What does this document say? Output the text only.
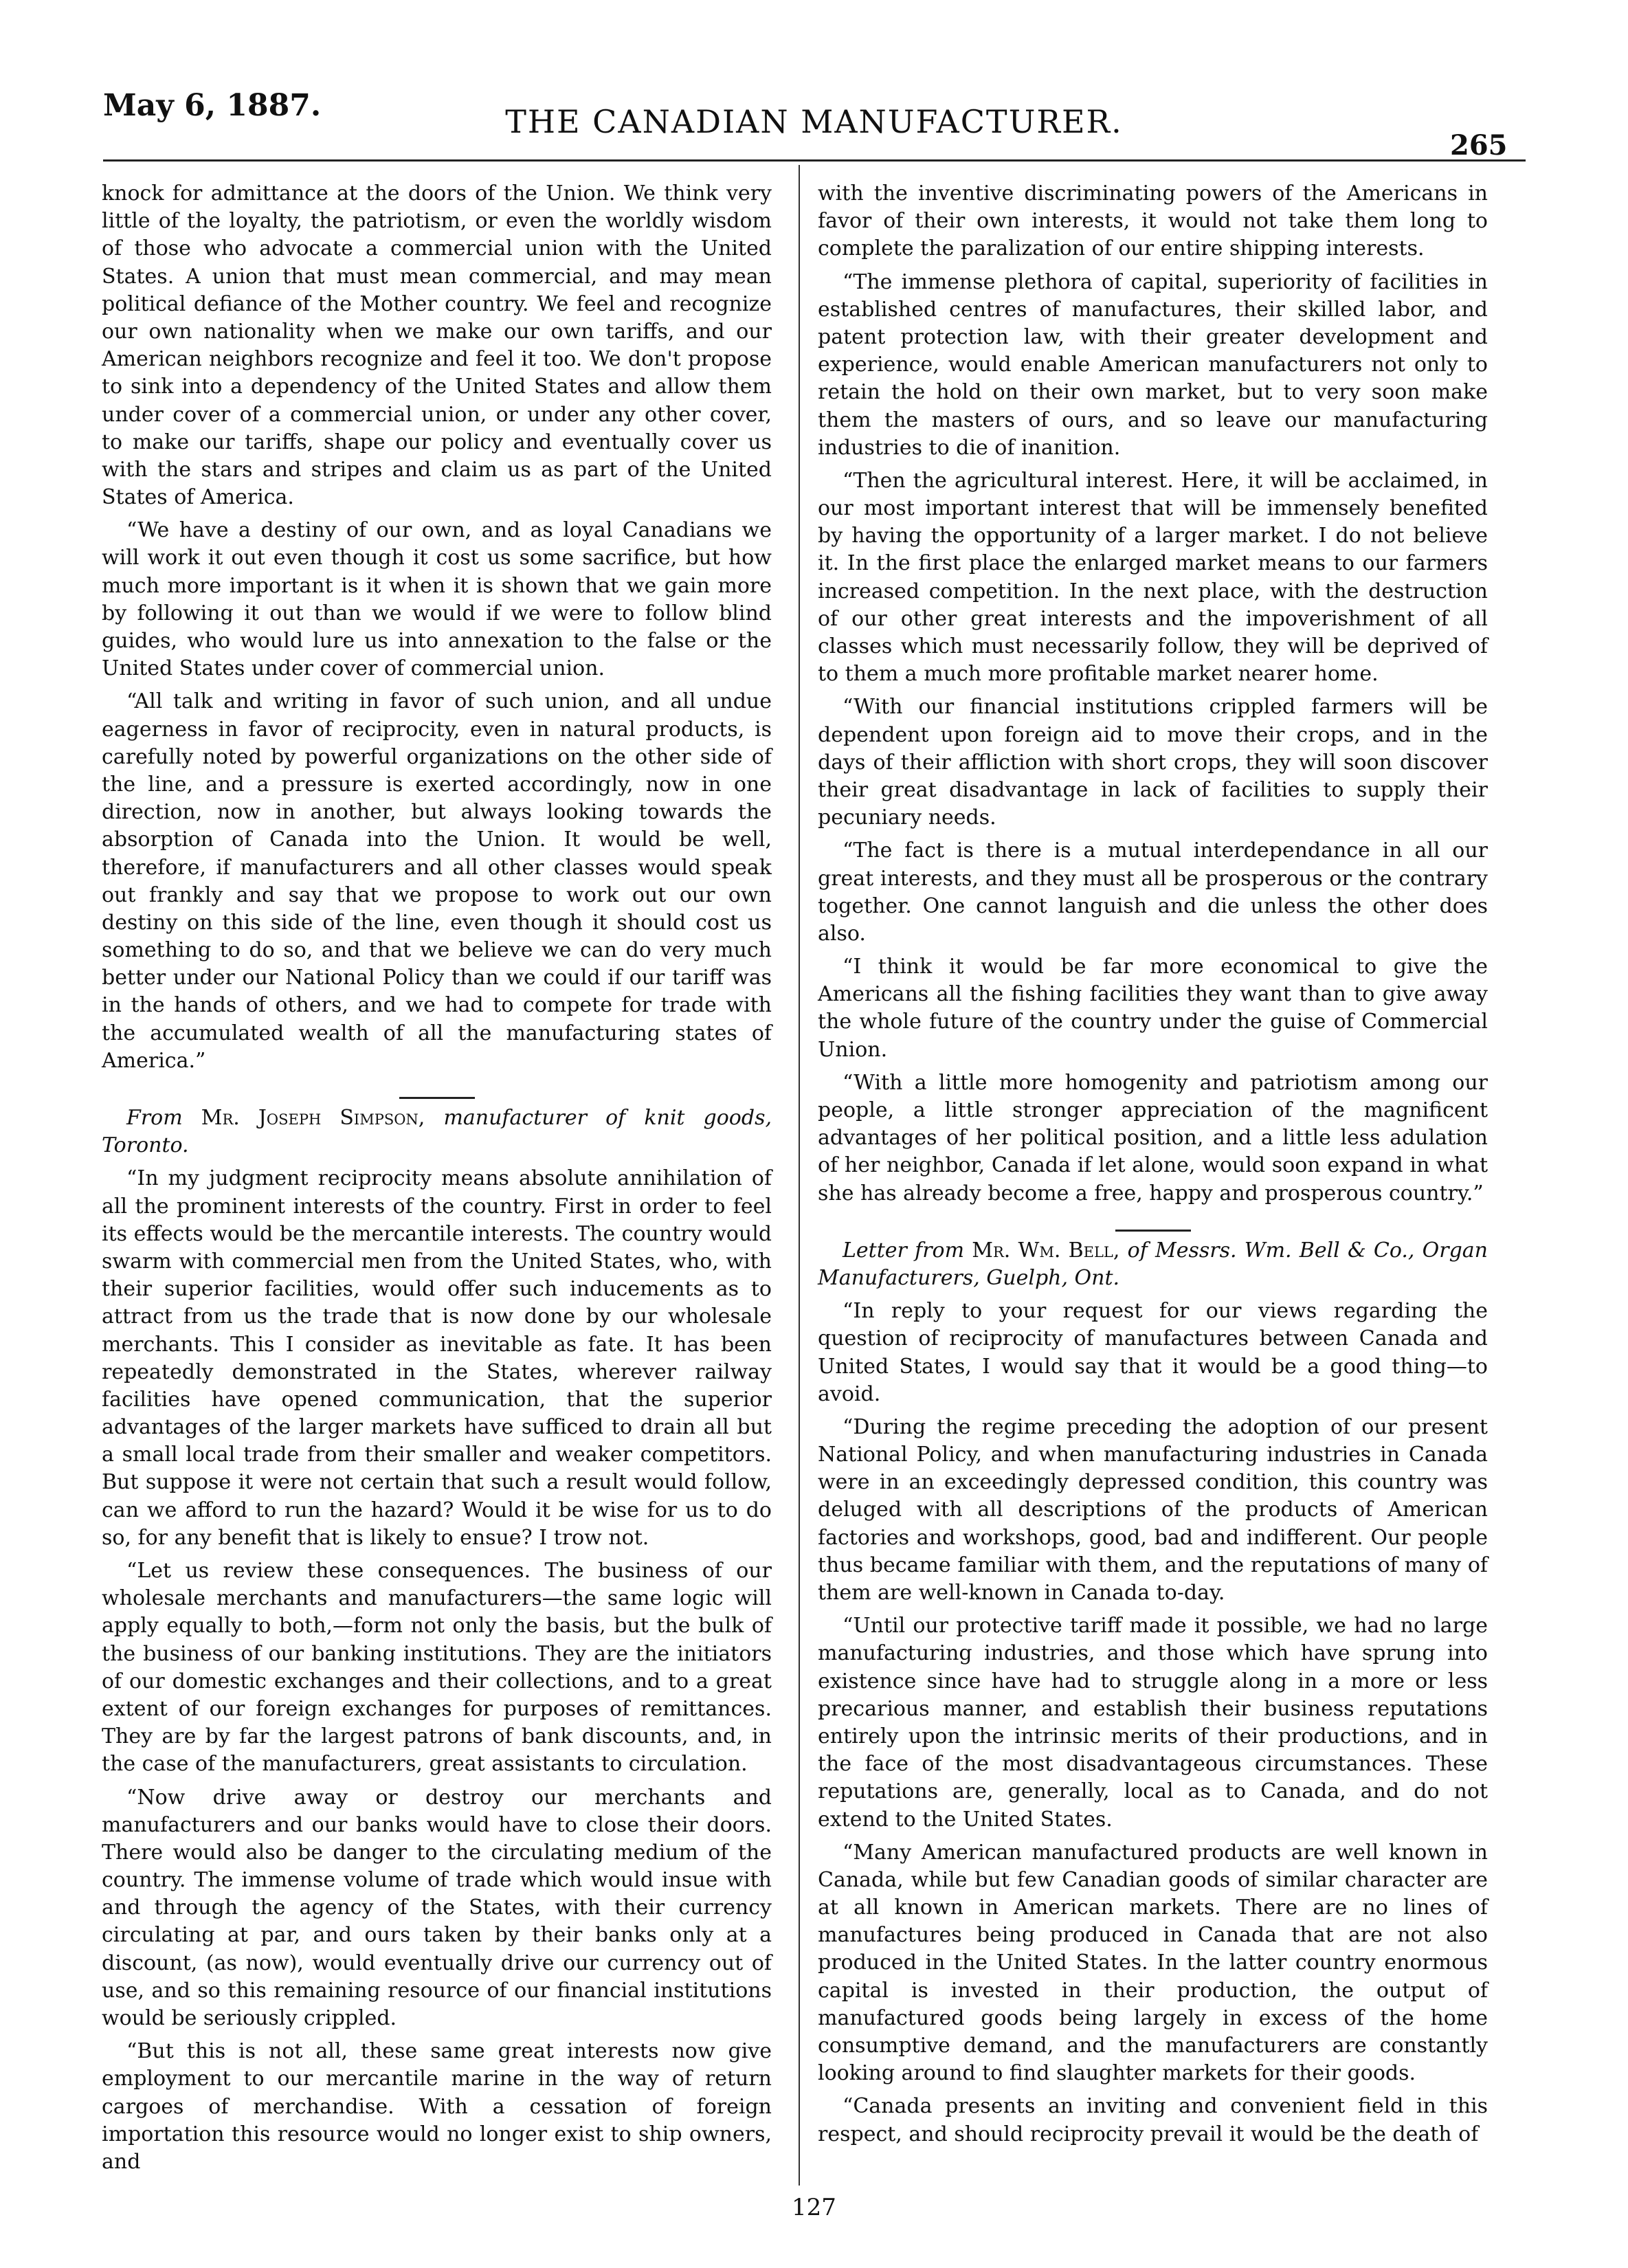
May 6, 1887.	THE CANADIAN MANUFACTURER.
265

knock for admittance at the doors of the Union. We think very little of the loyalty, the patriotism, or even the worldly wisdom of those who advocate a commercial union with the United States. A union that must mean commercial, and may mean political defiance of the Mother country. We feel and recognize our own nationality when we make our own tariffs, and our American neighbors recognize and feel it too. We don't propose to sink into a dependency of the United States and allow them under cover of a commercial union, or under any other cover, to make our tariffs, shape our policy and eventually cover us with the stars and stripes and claim us as part of the United States of America.

“We have a destiny of our own, and as loyal Canadians we will work it out even though it cost us some sacrifice, but how much more important is it when it is shown that we gain more by following it out than we would if we were to follow blind guides, who would lure us into annexation to the false or the United States under cover of commercial union.

“All talk and writing in favor of such union, and all undue eagerness in favor of reciprocity, even in natural products, is carefully noted by powerful organizations on the other side of the line, and a pressure is exerted accordingly, now in one direction, now in another, but always looking towards the absorption of Canada into the Union. It would be well, therefore, if manufacturers and all other classes would speak out frankly and say that we propose to work out our own destiny on this side of the line, even though it should cost us something to do so, and that we believe we can do very much better under our National Policy than we could if our tariff was in the hands of others, and we had to compete for trade with the accumulated wealth of all the manufacturing states of America.”

From Mr. Joseph Simpson, manufacturer of knit goods, Toronto.

“In my judgment reciprocity means absolute annihilation of all the prominent interests of the country. First in order to feel its effects would be the mercantile interests. The country would swarm with commercial men from the United States, who, with their superior facilities, would offer such inducements as to attract from us the trade that is now done by our wholesale merchants. This I consider as inevitable as fate. It has been repeatedly demonstrated in the States, wherever railway facilities have opened communication, that the superior advantages of the larger markets have sufficed to drain all but a small local trade from their smaller and weaker competitors. But suppose it were not certain that such a result would follow, can we afford to run the hazard? Would it be wise for us to do so, for any benefit that is likely to ensue? I trow not.

“Let us review these consequences. The business of our wholesale merchants and manufacturers—the same logic will apply equally to both,—form not only the basis, but the bulk of the business of our banking institutions. They are the initiators of our domestic exchanges and their collections, and to a great extent of our foreign exchanges for purposes of remittances. They are by far the largest patrons of bank discounts, and, in the case of the manufacturers, great assistants to circulation.

“Now drive away or destroy our merchants and manufacturers and our banks would have to close their doors. There would also be danger to the circulating medium of the country. The immense volume of trade which would insue with and through the agency of the States, with their currency circulating at par, and ours taken by their banks only at a discount, (as now), would eventually drive our currency out of use, and so this remaining resource of our financial institutions would be seriously crippled.

“But this is not all, these same great interests now give employment to our mercantile marine in the way of return cargoes of merchandise. With a cessation of foreign importation this resource would no longer exist to ship owners, and

with the inventive discriminating powers of the Americans in favor of their own interests, it would not take them long to complete the paralization of our entire shipping interests.

“The immense plethora of capital, superiority of facilities in established centres of manufactures, their skilled labor, and patent protection law, with their greater development and experience, would enable American manufacturers not only to retain the hold on their own market, but to very soon make them the masters of ours, and so leave our manufacturing industries to die of inanition.

“Then the agricultural interest. Here, it will be acclaimed, in our most important interest that will be immensely benefited by having the opportunity of a larger market. I do not believe it. In the first place the enlarged market means to our farmers increased competition. In the next place, with the destruction of our other great interests and the impoverishment of all classes which must necessarily follow, they will be deprived of to them a much more profitable market nearer home.

“With our financial institutions crippled farmers will be dependent upon foreign aid to move their crops, and in the days of their affliction with short crops, they will soon discover their great disadvantage in lack of facilities to supply their pecuniary needs.

“The fact is there is a mutual interdependance in all our great interests, and they must all be prosperous or the contrary together. One cannot languish and die unless the other does also.

“I think it would be far more economical to give the Americans all the fishing facilities they want than to give away the whole future of the country under the guise of Commercial Union.

“With a little more homogenity and patriotism among our people, a little stronger appreciation of the magnificent advantages of her political position, and a little less adulation of her neighbor, Canada if let alone, would soon expand in what she has already become a free, happy and prosperous country.”

Letter from Mr. Wm. Bell, of Messrs. Wm. Bell & Co., Organ Manufacturers, Guelph, Ont.

“In reply to your request for our views regarding the question of reciprocity of manufactures between Canada and United States, I would say that it would be a good thing—to avoid.

“During the regime preceding the adoption of our present National Policy, and when manufacturing industries in Canada were in an exceedingly depressed condition, this country was deluged with all descriptions of the products of American factories and workshops, good, bad and indifferent. Our people thus became familiar with them, and the reputations of many of them are well-known in Canada to-day.

“Until our protective tariff made it possible, we had no large manufacturing industries, and those which have sprung into existence since have had to struggle along in a more or less precarious manner, and establish their business reputations entirely upon the intrinsic merits of their productions, and in the face of the most disadvantageous circumstances. These reputations are, generally, local as to Canada, and do not extend to the United States.

“Many American manufactured products are well known in Canada, while but few Canadian goods of similar character are at all known in American markets. There are no lines of manufactures being produced in Canada that are not also produced in the United States. In the latter country enormous capital is invested in their production, the output of manufactured goods being largely in excess of the home consumptive demand, and the manufacturers are constantly looking around to find slaughter markets for their goods.

“Canada presents an inviting and convenient field in this respect, and should reciprocity prevail it would be the death of

127
